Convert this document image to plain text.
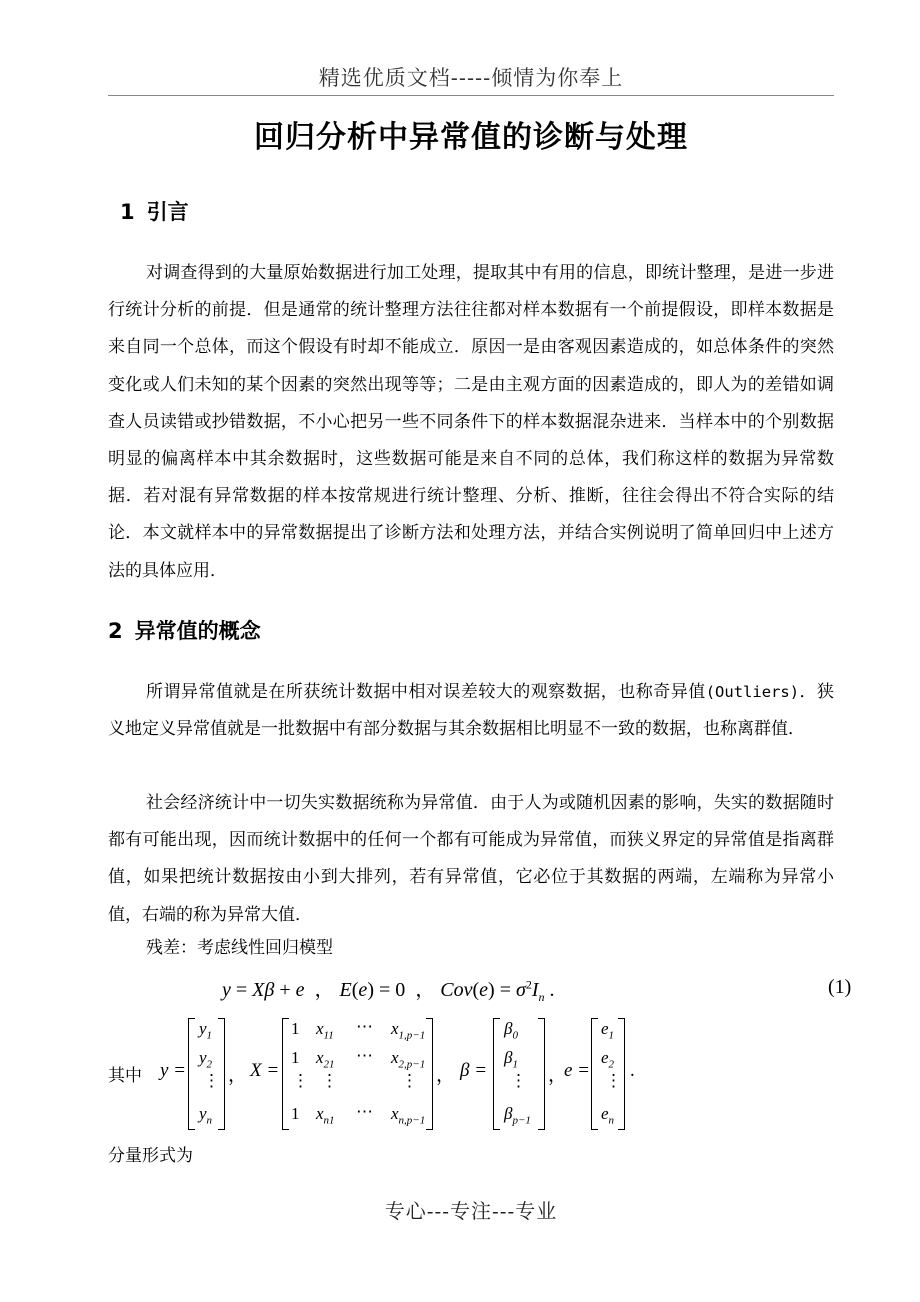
精选优质文档-----倾情为你奉上
回归分析中异常值的诊断与处理
1 引言
对调查得到的大量原始数据进行加工处理，提取其中有用的信息，即统计整理，是进一步进行统计分析的前提．但是通常的统计整理方法往往都对样本数据有一个前提假设，即样本数据是来自同一个总体，而这个假设有时却不能成立．原因一是由客观因素造成的，如总体条件的突然变化或人们未知的某个因素的突然出现等等；二是由主观方面的因素造成的，即人为的差错如调查人员读错或抄错数据，不小心把另一些不同条件下的样本数据混杂进来．当样本中的个别数据明显的偏离样本中其余数据时，这些数据可能是来自不同的总体，我们称这样的数据为异常数据．若对混有异常数据的样本按常规进行统计整理、分析、推断，往往会得出不符合实际的结论．本文就样本中的异常数据提出了诊断方法和处理方法，并结合实例说明了简单回归中上述方法的具体应用．
2 异常值的概念
所谓异常值就是在所获统计数据中相对误差较大的观察数据，也称奇异值(Outliers)．狭义地定义异常值就是一批数据中有部分数据与其余数据相比明显不一致的数据，也称离群值．
社会经济统计中一切失实数据统称为异常值．由于人为或随机因素的影响，失实的数据随时都有可能出现，因而统计数据中的任何一个都有可能成为异常值，而狭义界定的异常值是指离群值，如果把统计数据按由小到大排列，若有异常值，它必位于其数据的两端，左端称为异常小值，右端的称为异常大值．
残差：考虑线性回归模型
y = Xβ + e  ， E(e) = 0  ， $Cov(e) = \sigma^2I_n$ .	(1)
其中 y =
$y_1$
$y_2$
⋮
$y_n$
， X =
1 $x_{11}$ ⋯ $x_{1,p-1}$
1 $x_{21}$ ⋯ $x_{2,p-1}$
⋮ ⋮	⋮
1 $x_{n1}$ ⋯ $x_{n,p-1}$
， β =
$\beta_0$
$\beta_1$
⋮
$\beta_{p-1}$
，
e =
$e_1$
$e_2$
⋮
$e_n$
.
分量形式为
专心---专注---专业
